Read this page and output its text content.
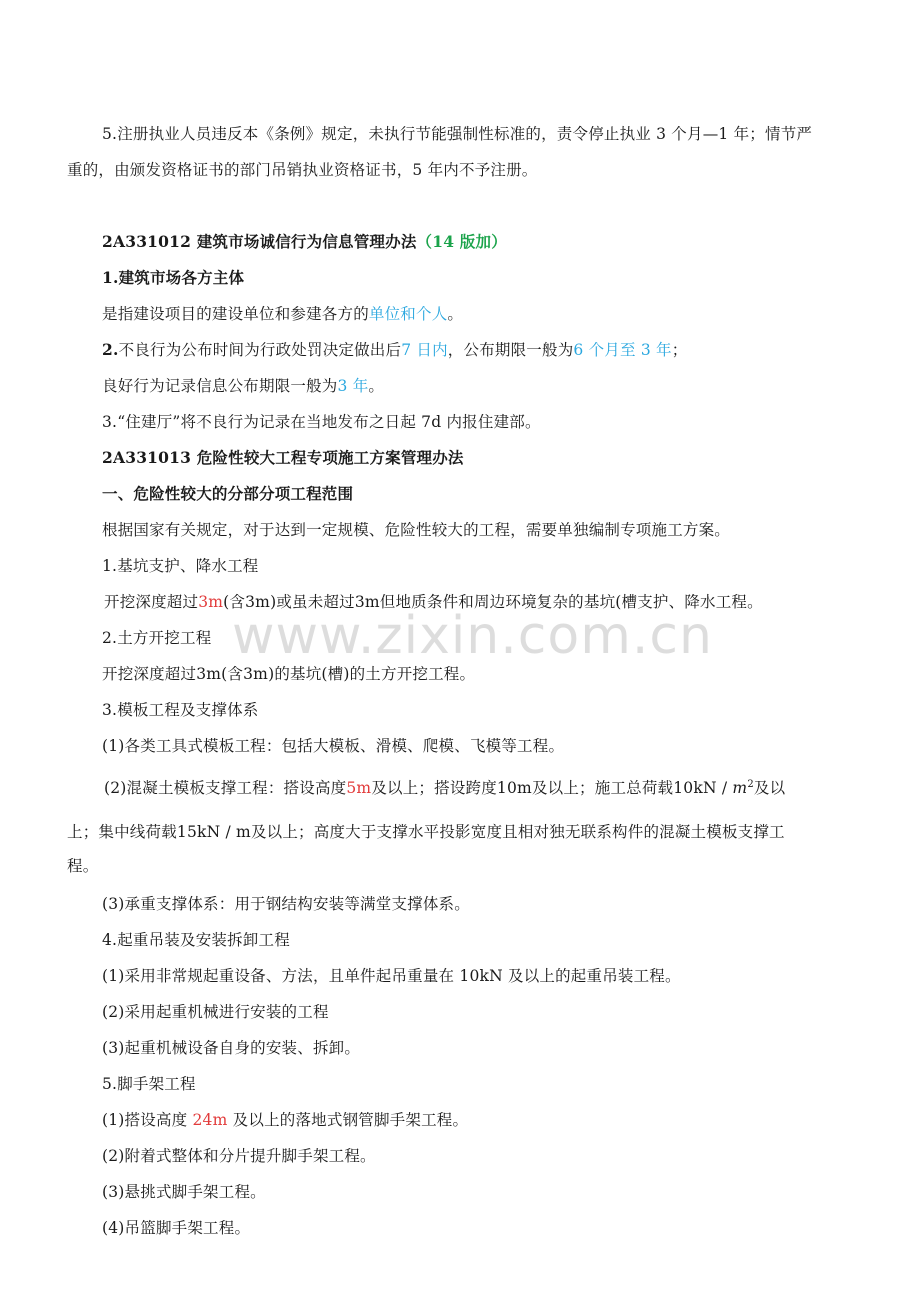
www.zixin.com.cn
5.注册执业人员违反本《条例》规定，未执行节能强制性标准的，责令停止执业 3 个月—1 年；情节严
重的，由颁发资格证书的部门吊销执业资格证书，5 年内不予注册。
2A331012 建筑市场诚信行为信息管理办法（14 版加）
1.建筑市场各方主体
是指建设项目的建设单位和参建各方的单位和个人。
2.不良行为公布时间为行政处罚决定做出后7 日内，公布期限一般为6 个月至 3 年；
良好行为记录信息公布期限一般为3 年。
3.“住建厅”将不良行为记录在当地发布之日起 7d 内报住建部。
2A331013 危险性较大工程专项施工方案管理办法
一、危险性较大的分部分项工程范围
根据国家有关规定，对于达到一定规模、危险性较大的工程，需要单独编制专项施工方案。
1.基坑支护、降水工程
开挖深度超过3m(含3m)或虽未超过3m但地质条件和周边环境复杂的基坑(槽支护、降水工程。
2.土方开挖工程
开挖深度超过3m(含3m)的基坑(槽)的土方开挖工程。
3.模板工程及支撑体系
(1)各类工具式模板工程：包括大模板、滑模、爬模、飞模等工程。
(2)混凝土模板支撑工程：搭设高度5m及以上；搭设跨度10m及以上；施工总荷载$10kN / m^2$及以
上；集中线荷载15kN / m及以上；高度大于支撑水平投影宽度且相对独无联系构件的混凝土模板支撑工
程。
(3)承重支撑体系：用于钢结构安装等满堂支撑体系。
4.起重吊装及安装拆卸工程
(1)采用非常规起重设备、方法，且单件起吊重量在 10kN 及以上的起重吊装工程。
(2)采用起重机械进行安装的工程
(3)起重机械设备自身的安装、拆卸。
5.脚手架工程
(1)搭设高度 24m 及以上的落地式钢管脚手架工程。
(2)附着式整体和分片提升脚手架工程。
(3)悬挑式脚手架工程。
(4)吊篮脚手架工程。
